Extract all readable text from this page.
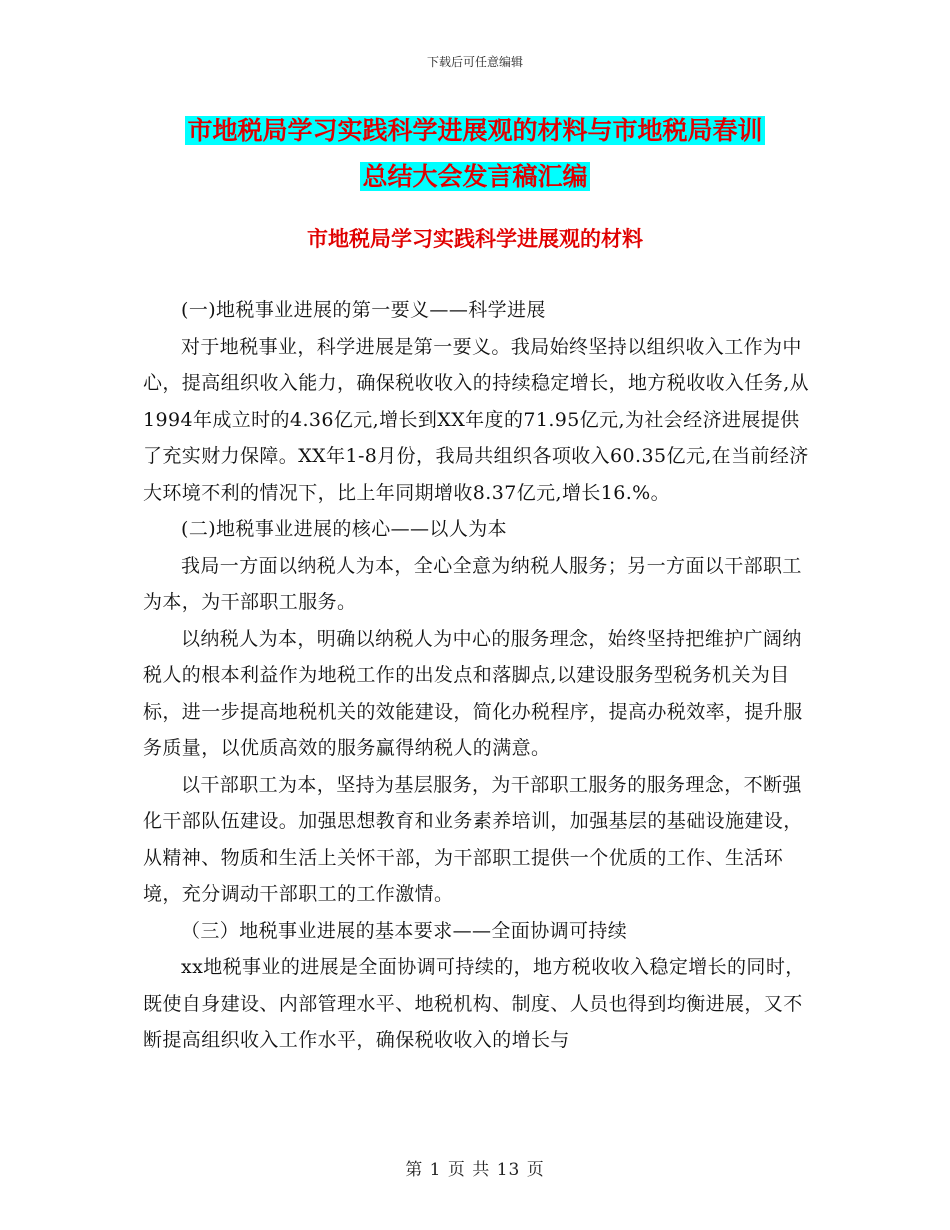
下载后可任意编辑
市地税局学习实践科学进展观的材料与市地税局春训
总结大会发言稿汇编
市地税局学习实践科学进展观的材料

(一)地税事业进展的第一要义——科学进展

对于地税事业，科学进展是第一要义。我局始终坚持以组织收入工作为中心，提高组织收入能力，确保税收收入的持续稳定增长，地方税收收入任务,从1994年成立时的4.36亿元,增长到XX年度的71.95亿元,为社会经济进展提供了充实财力保障。XX年1-8月份，我局共组织各项收入60.35亿元,在当前经济大环境不利的情况下，比上年同期增收8.37亿元,增长16.%。

(二)地税事业进展的核心——以人为本

我局一方面以纳税人为本，全心全意为纳税人服务；另一方面以干部职工为本，为干部职工服务。

以纳税人为本，明确以纳税人为中心的服务理念，始终坚持把维护广阔纳税人的根本利益作为地税工作的出发点和落脚点,以建设服务型税务机关为目标，进一步提高地税机关的效能建设，简化办税程序，提高办税效率，提升服务质量，以优质高效的服务赢得纳税人的满意。

以干部职工为本，坚持为基层服务，为干部职工服务的服务理念，不断强化干部队伍建设。加强思想教育和业务素养培训，加强基层的基础设施建设，从精神、物质和生活上关怀干部，为干部职工提供一个优质的工作、生活环境，充分调动干部职工的工作激情。

（三）地税事业进展的基本要求——全面协调可持续

xx地税事业的进展是全面协调可持续的，地方税收收入稳定增长的同时，既使自身建设、内部管理水平、地税机构、制度、人员也得到均衡进展，又不断提高组织收入工作水平，确保税收收入的增长与

第 1 页 共 13 页
